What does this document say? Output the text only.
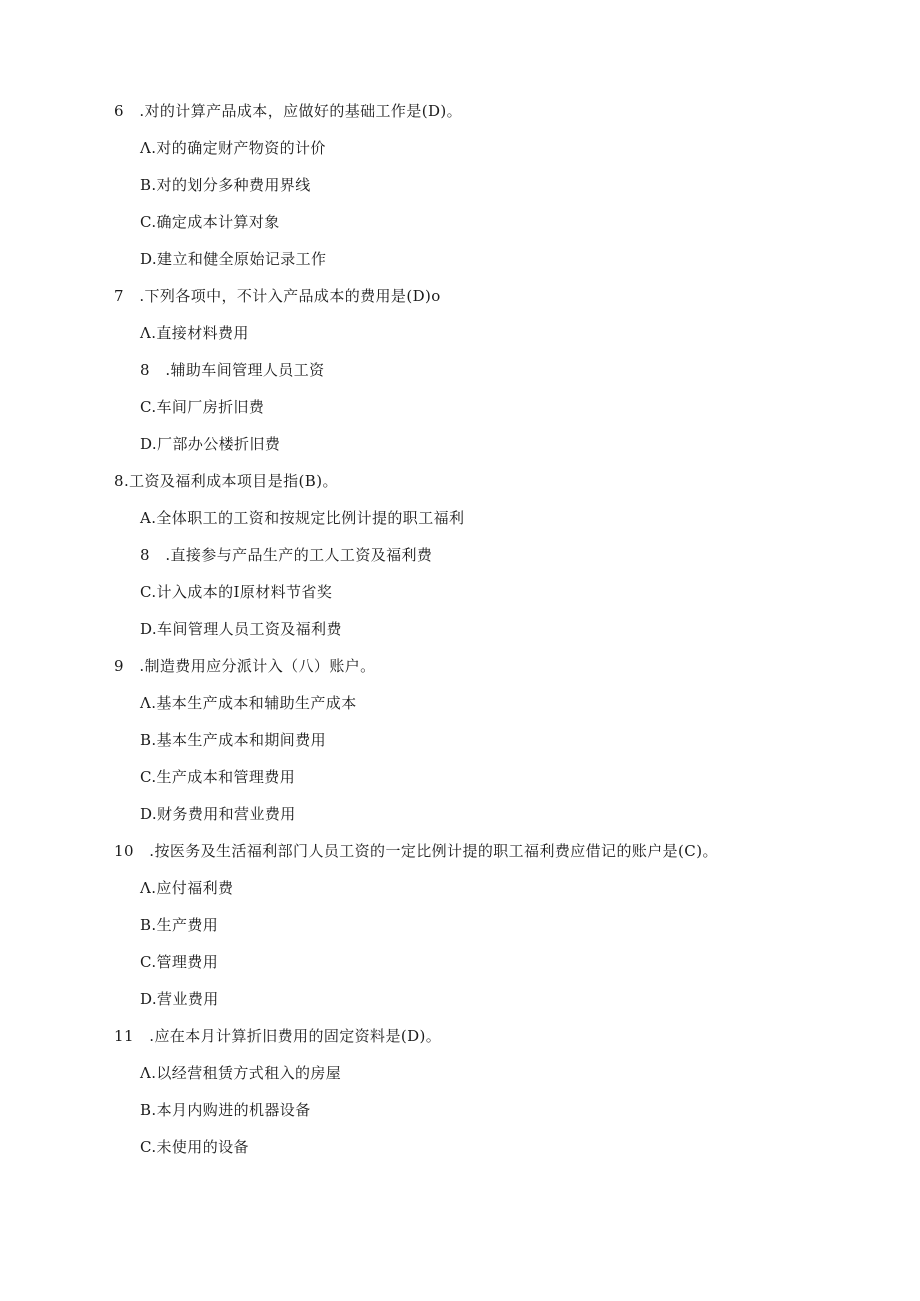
6　.对的计算产品成本，应做好的基础工作是(D)。
Λ.对的确定财产物资的计价
B.对的划分多种费用界线
C.确定成本计算对象
D.建立和健全原始记录工作
7　.下列各项中，不计入产品成本的费用是(D)o
Λ.直接材料费用
8　.辅助车间管理人员工资
C.车间厂房折旧费
D.厂部办公楼折旧费
8.工资及福利成本项目是指(B)。
A.全体职工的工资和按规定比例计提的职工福利
8　.直接参与产品生产的工人工资及福利费
C.计入成本的I原材料节省奖
D.车间管理人员工资及福利费
9　.制造费用应分派计入（八）账户。
Λ.基本生产成本和辅助生产成本
B.基本生产成本和期间费用
C.生产成本和管理费用
D.财务费用和营业费用
10　.按医务及生活福利部门人员工资的一定比例计提的职工福利费应借记的账户是(C)。
Λ.应付福利费
B.生产费用
C.管理费用
D.营业费用
11　.应在本月计算折旧费用的固定资料是(D)。
Λ.以经营租赁方式租入的房屋
B.本月内购进的机器设备
C.未使用的设备
